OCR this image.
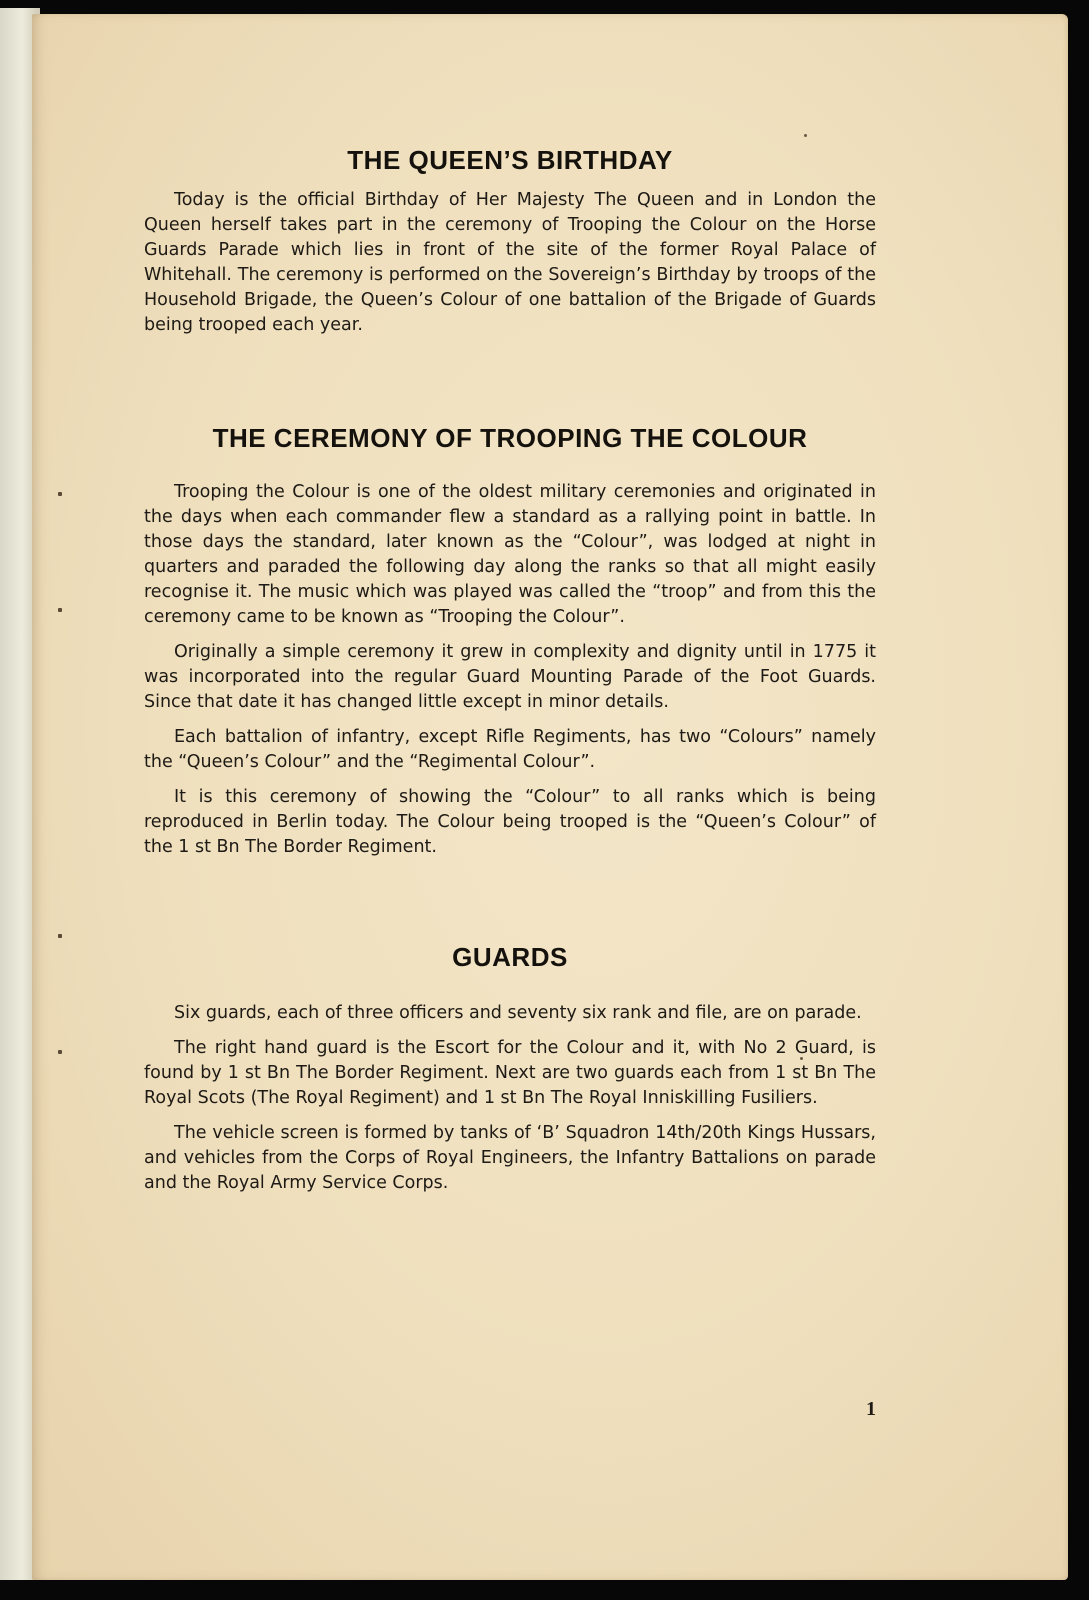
THE QUEEN’S BIRTHDAY

Today is the official Birthday of Her Majesty The Queen and in London the Queen herself takes part in the ceremony of Trooping the Colour on the Horse Guards Parade which lies in front of the site of the former Royal Palace of Whitehall. The ceremony is performed on the Sovereign’s Birthday by troops of the Household Brigade, the Queen’s Colour of one battalion of the Brigade of Guards being trooped each year.

THE CEREMONY OF TROOPING THE COLOUR

Trooping the Colour is one of the oldest military ceremonies and originated in the days when each commander flew a standard as a rallying point in battle. In those days the standard, later known as the “Colour”, was lodged at night in quarters and paraded the following day along the ranks so that all might easily recognise it. The music which was played was called the “troop” and from this the ceremony came to be known as “Trooping the Colour”.

Originally a simple ceremony it grew in complexity and dignity until in 1775 it was incorporated into the regular Guard Mounting Parade of the Foot Guards. Since that date it has changed little except in minor details.

Each battalion of infantry, except Rifle Regiments, has two “Colours” namely the “Queen’s Colour” and the “Regimental Colour”.

It is this ceremony of showing the “Colour” to all ranks which is being reproduced in Berlin today. The Colour being trooped is the “Queen’s Colour” of the 1 st Bn The Border Regiment.

GUARDS

Six guards, each of three officers and seventy six rank and file, are on parade.

The right hand guard is the Escort for the Colour and it, with No 2 Guard, is found by 1 st Bn The Border Regiment. Next are two guards each from 1 st Bn The Royal Scots (The Royal Regiment) and 1 st Bn The Royal Inniskilling Fusiliers.

The vehicle screen is formed by tanks of ‘B’ Squadron 14th/20th Kings Hussars, and vehicles from the Corps of Royal Engineers, the Infantry Battalions on parade and the Royal Army Service Corps.

1
